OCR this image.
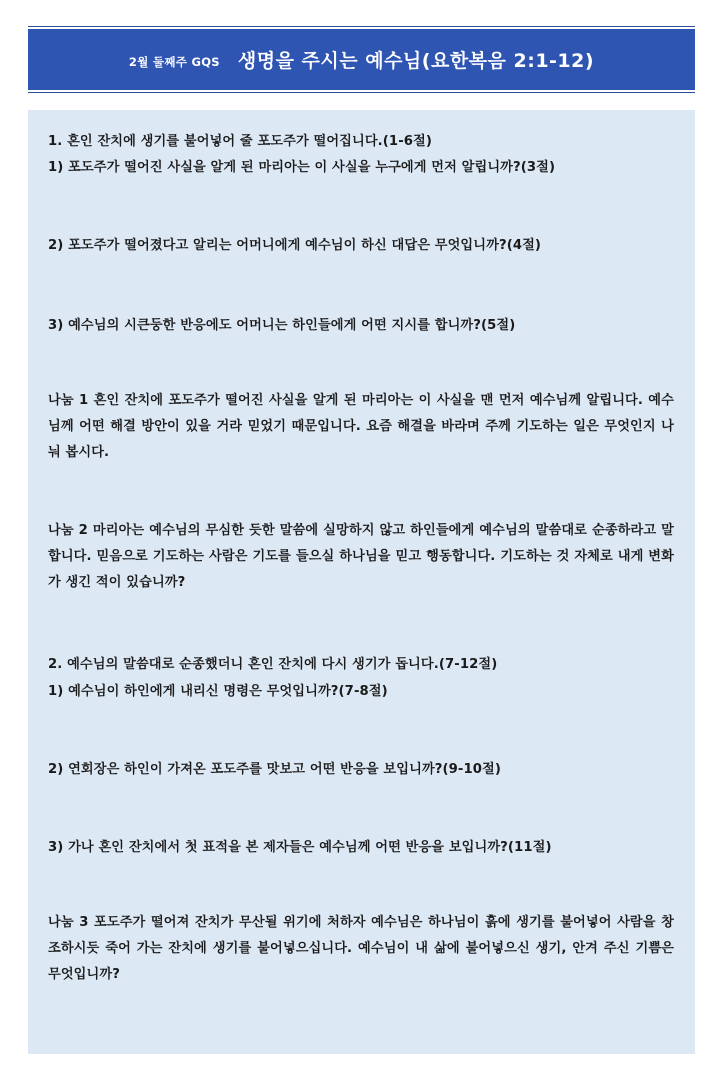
2월 둘째주 GQS 생명을 주시는 예수님(요한복음 2:1-12)
1. 혼인 잔치에 생기를 불어넣어 줄 포도주가 떨어집니다.(1-6절)
1) 포도주가 떨어진 사실을 알게 된 마리아는 이 사실을 누구에게 먼저 알립니까?(3절)
2) 포도주가 떨어졌다고 알리는 어머니에게 예수님이 하신 대답은 무엇입니까?(4절)
3) 예수님의 시큰둥한 반응에도 어머니는 하인들에게 어떤 지시를 합니까?(5절)
나눔 1 혼인 잔치에 포도주가 떨어진 사실을 알게 된 마리아는 이 사실을 맨 먼저 예수님께 알립니다. 예수님께 어떤 해결 방안이 있을 거라 믿었기 때문입니다. 요즘 해결을 바라며 주께 기도하는 일은 무엇인지 나눠 봅시다.
나눔 2 마리아는 예수님의 무심한 듯한 말씀에 실망하지 않고 하인들에게 예수님의 말씀대로 순종하라고 말합니다. 믿음으로 기도하는 사람은 기도를 들으실 하나님을 믿고 행동합니다. 기도하는 것 자체로 내게 변화가 생긴 적이 있습니까?
2. 예수님의 말씀대로 순종했더니 혼인 잔치에 다시 생기가 돕니다.(7-12절)
1) 예수님이 하인에게 내리신 명령은 무엇입니까?(7-8절)
2) 연회장은 하인이 가져온 포도주를 맛보고 어떤 반응을 보입니까?(9-10절)
3) 가나 혼인 잔치에서 첫 표적을 본 제자들은 예수님께 어떤 반응을 보입니까?(11절)
나눔 3 포도주가 떨어져 잔치가 무산될 위기에 처하자 예수님은 하나님이 흙에 생기를 불어넣어 사람을 창조하시듯 죽어 가는 잔치에 생기를 불어넣으십니다. 예수님이 내 삶에 불어넣으신 생기, 안겨 주신 기쁨은 무엇입니까?
